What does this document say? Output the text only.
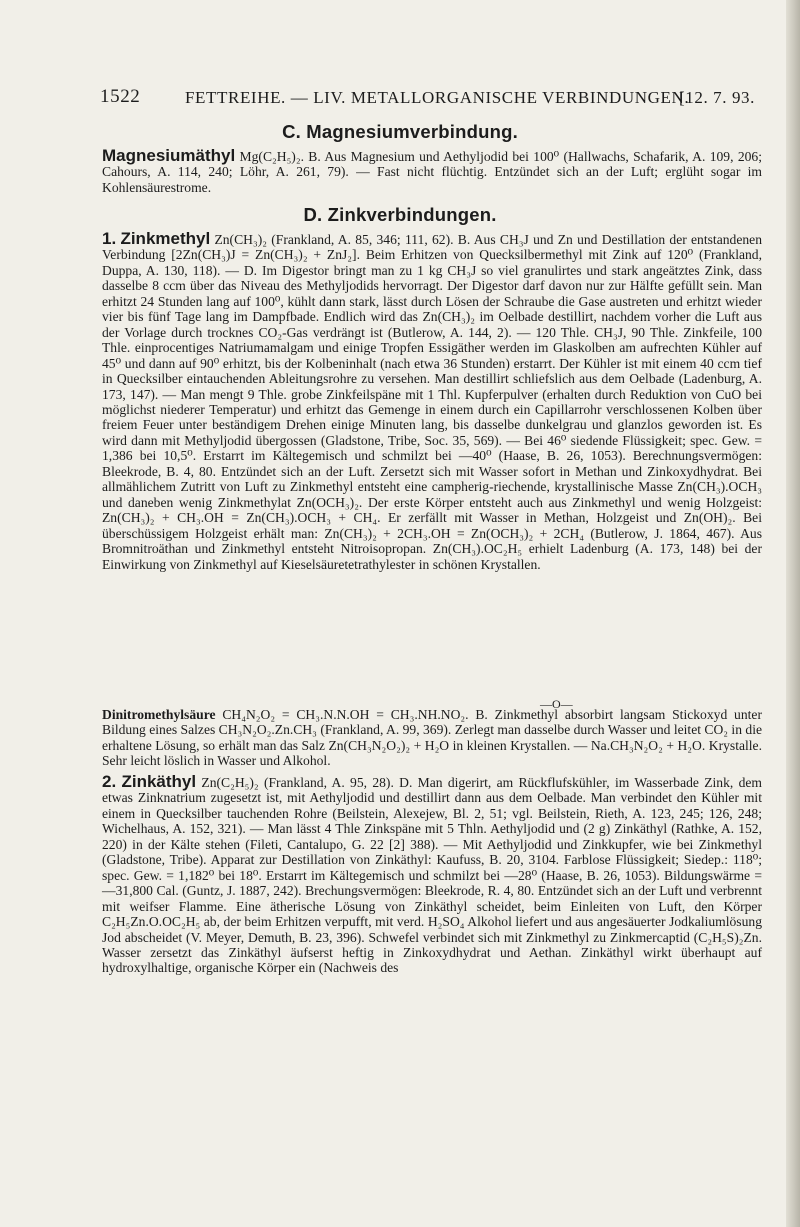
1522	FETTREIHE. — LIV. METALLORGANISCHE VERBINDUNGEN.
[12. 7. 93.
C. Magnesiumverbindung.

Magnesiumäthyl Mg(C₂H₅)₂. B. Aus Magnesium und Aethyljodid bei 100⁰ (Hallwachs, Schafarik, A. 109, 206; Cahours, A. 114, 240; Löhr, A. 261, 79). — Fast nicht flüchtig. Entzündet sich an der Luft; erglüht sogar im Kohlensäurestrome.

D. Zinkverbindungen.

1. Zinkmethyl Zn(CH₃)₂ (Frankland, A. 85, 346; 111, 62). B. Aus CH₃J und Zn und Destillation der entstandenen Verbindung [2Zn(CH₃)J = Zn(CH₃)₂ + ZnJ₂]. Beim Erhitzen von Quecksilbermethyl mit Zink auf 120⁰ (Frankland, Duppa, A. 130, 118). — D. Im Digestor bringt man zu 1 kg CH₃J so viel granulirtes und stark angeätztes Zink, dass dasselbe 8 ccm über das Niveau des Methyljodids hervorragt. Der Digestor darf davon nur zur Hälfte gefüllt sein. Man erhitzt 24 Stunden lang auf 100⁰, kühlt dann stark, lässt durch Lösen der Schraube die Gase austreten und erhitzt wieder vier bis fünf Tage lang im Dampfbade. Endlich wird das Zn(CH₃)₂ im Oelbade destillirt, nachdem vorher die Luft aus der Vorlage durch trocknes CO₂-Gas verdrängt ist (Butlerow, A. 144, 2). — 120 Thle. CH₃J, 90 Thle. Zinkfeile, 100 Thle. einprocentiges Natriumamalgam und einige Tropfen Essigäther werden im Glaskolben am aufrechten Kühler auf 45⁰ und dann auf 90⁰ erhitzt, bis der Kolbeninhalt (nach etwa 36 Stunden) erstarrt. Der Kühler ist mit einem 40 ccm tief in Quecksilber eintauchenden Ableitungsrohre zu versehen. Man destillirt schliefslich aus dem Oelbade (Ladenburg, A. 173, 147). — Man mengt 9 Thle. grobe Zinkfeilspäne mit 1 Thl. Kupferpulver (erhalten durch Reduktion von CuO bei möglichst niederer Temperatur) und erhitzt das Gemenge in einem durch ein Capillarrohr verschlossenen Kolben über freiem Feuer unter beständigem Drehen einige Minuten lang, bis dasselbe dunkelgrau und glanzlos geworden ist. Es wird dann mit Methyljodid übergossen (Gladstone, Tribe, Soc. 35, 569). — Bei 46⁰ siedende Flüssigkeit; spec. Gew. = 1,386 bei 10,5⁰. Erstarrt im Kältegemisch und schmilzt bei —40⁰ (Haase, B. 26, 1053). Berechnungsvermögen: Bleekrode, B. 4, 80. Entzündet sich an der Luft. Zersetzt sich mit Wasser sofort in Methan und Zinkoxydhydrat. Bei allmählichem Zutritt von Luft zu Zinkmethyl entsteht eine campherig-riechende, krystallinische Masse Zn(CH₃).OCH₃ und daneben wenig Zinkmethylat Zn(OCH₃)₂. Der erste Körper entsteht auch aus Zinkmethyl und wenig Holzgeist: Zn(CH₃)₂ + CH₃.OH = Zn(CH₃).OCH₃ + CH₄. Er zerfällt mit Wasser in Methan, Holzgeist und Zn(OH)₂. Bei überschüssigem Holzgeist erhält man: Zn(CH₃)₂ + 2CH₃.OH = Zn(OCH₃)₂ + 2CH₄ (Butlerow, J. 1864, 467). Aus Bromnitroäthan und Zinkmethyl entsteht Nitroisopropan. Zn(CH₃).OC₂H₅ erhielt Ladenburg (A. 173, 148) bei der Einwirkung von Zinkmethyl auf Kieselsäuretetrathylester in schönen Krystallen.

—O—

Dinitromethylsäure CH₄N₂O₂ = CH₃.N.N.OH = CH₃.NH.NO₂. B. Zinkmethyl absorbirt langsam Stickoxyd unter Bildung eines Salzes CH₃N₂O₂.Zn.CH₃ (Frankland, A. 99, 369). Zerlegt man dasselbe durch Wasser und leitet CO₂ in die erhaltene Lösung, so erhält man das Salz Zn(CH₃N₂O₂)₂ + H₂O in kleinen Krystallen. — Na.CH₃N₂O₂ + H₂O. Krystalle. Sehr leicht löslich in Wasser und Alkohol.

2. Zinkäthyl Zn(C₂H₅)₂ (Frankland, A. 95, 28). D. Man digerirt, am Rückflufskühler, im Wasserbade Zink, dem etwas Zinknatrium zugesetzt ist, mit Aethyljodid und destillirt dann aus dem Oelbade. Man verbindet den Kühler mit einem in Quecksilber tauchenden Rohre (Beilstein, Alexejew, Bl. 2, 51; vgl. Beilstein, Rieth, A. 123, 245; 126, 248; Wichelhaus, A. 152, 321). — Man lässt 4 Thle Zinkspäne mit 5 Thln. Aethyljodid und (2 g) Zinkäthyl (Rathke, A. 152, 220) in der Kälte stehen (Fileti, Cantalupo, G. 22 [2] 388). — Mit Aethyljodid und Zinkkupfer, wie bei Zinkmethyl (Gladstone, Tribe). Apparat zur Destillation von Zinkäthyl: Kaufuss, B. 20, 3104. Farblose Flüssigkeit; Siedep.: 118⁰; spec. Gew. = 1,182⁰ bei 18⁰. Erstarrt im Kältegemisch und schmilzt bei —28⁰ (Haase, B. 26, 1053). Bildungswärme = —31,800 Cal. (Guntz, J. 1887, 242). Brechungsvermögen: Bleekrode, R. 4, 80. Entzündet sich an der Luft und verbrennt mit weifser Flamme. Eine ätherische Lösung von Zinkäthyl scheidet, beim Einleiten von Luft, den Körper C₂H₅Zn.O.OC₂H₅ ab, der beim Erhitzen verpufft, mit verd. H₂SO₄ Alkohol liefert und aus angesäuerter Jodkaliumlösung Jod abscheidet (V. Meyer, Demuth, B. 23, 396). Schwefel verbindet sich mit Zinkmethyl zu Zinkmercaptid (C₂H₅S)₂Zn. Wasser zersetzt das Zinkäthyl äufserst heftig in Zinkoxydhydrat und Aethan. Zinkäthyl wirkt überhaupt auf hydroxylhaltige, organische Körper ein (Nachweis des
